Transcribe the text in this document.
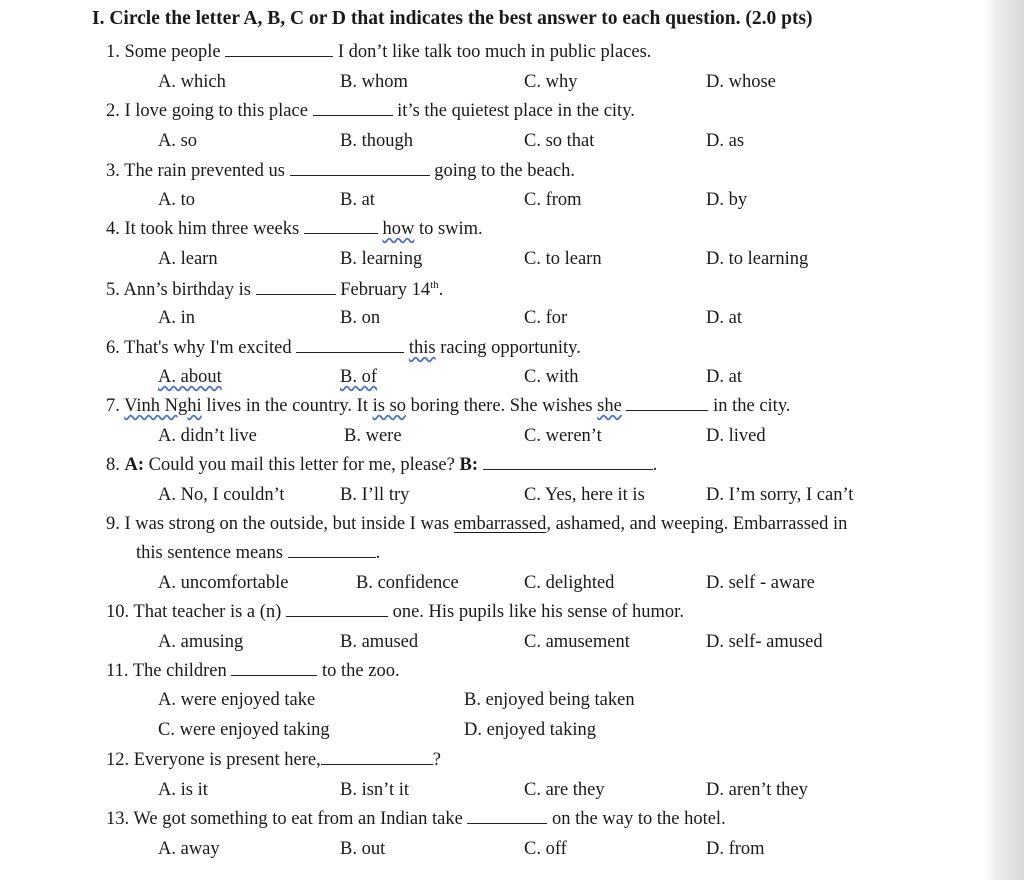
I. Circle the letter A, B, C or D that indicates the best answer to each question. (2.0 pts)
1. Some people	I don’t like talk too much in public places.
A. which	B. whom	C. why	D. whose
2. I love going to this place	it’s the quietest place in the city.
A. so	B. though	C. so that	D. as
3. The rain prevented us	going to the beach.
A. to	B. at	C. from	D. by
4. It took him three weeks	how to swim.
A. learn	B. learning	C. to learn	D. to learning
5. Ann’s birthday is	February 14th.
A. in	B. on	C. for	D. at
6. That's why I'm excited	this racing opportunity.
A. about	B. of	C. with	D. at
7. Vinh Nghi lives in the country. It is so boring there. She wishes she	in the city.
A. didn’t live	B. were	C. weren’t	D. lived
8. A: Could you mail this letter for me, please? B:	.
A. No, I couldn’t	B. I’ll try	C. Yes, here it is	D. I’m sorry, I can’t
9. I was strong on the outside, but inside I was embarrassed, ashamed, and weeping. Embarrassed in
this sentence means	.
A. uncomfortable	B. confidence	C. delighted	D. self - aware
10. That teacher is a (n)	one. His pupils like his sense of humor.
A. amusing	B. amused	C. amusement	D. self- amused
11. The children	to the zoo.
A. were enjoyed take	B. enjoyed being taken
C. were enjoyed taking	D. enjoyed taking
12. Everyone is present here,	?
A. is it	B. isn’t it	C. are they	D. aren’t they
13. We got something to eat from an Indian take	on the way to the hotel.
A. away	B. out	C. off	D. from
